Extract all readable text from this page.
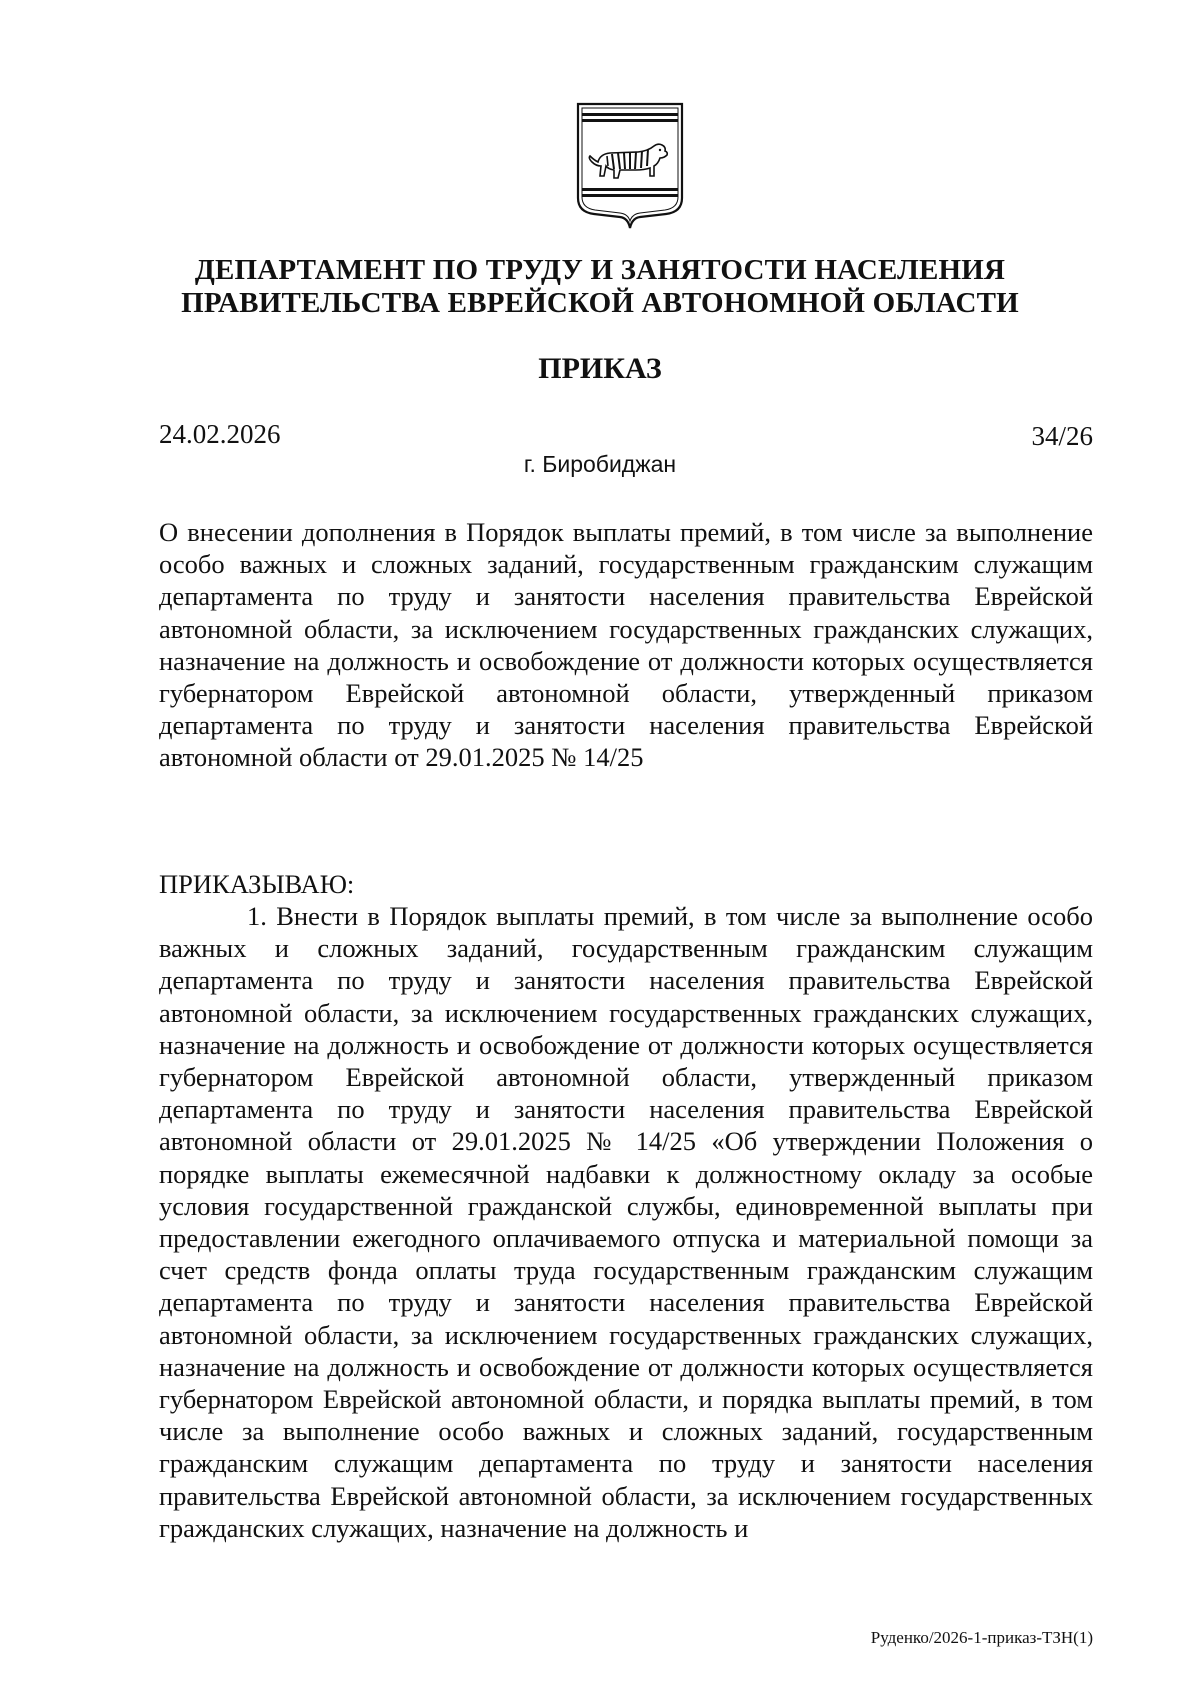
ДЕПАРТАМЕНТ ПО ТРУДУ И ЗАНЯТОСТИ НАСЕЛЕНИЯ
ПРАВИТЕЛЬСТВА ЕВРЕЙСКОЙ АВТОНОМНОЙ ОБЛАСТИ
ПРИКАЗ
24.02.2026	34/26
г. Биробиджан

О внесении дополнения в Порядок выплаты премий, в том числе за выполнение особо важных и сложных заданий, государственным гражданским служащим департамента по труду и занятости населения правительства Еврейской автономной области, за исключением государственных гражданских служащих, назначение на должность и освобождение от должности которых осуществляется губернатором Еврейской автономной области, утвержденный приказом департамента по труду и занятости населения правительства Еврейской автономной области от 29.01.2025 № 14/25

ПРИКАЗЫВАЮ:

1. Внести в Порядок выплаты премий, в том числе за выполнение особо важных и сложных заданий, государственным гражданским служащим департамента по труду и занятости населения правительства Еврейской автономной области, за исключением государственных гражданских служащих, назначение на должность и освобождение от должности которых осуществляется губернатором Еврейской автономной области, утвержденный приказом департамента по труду и занятости населения правительства Еврейской автономной области от 29.01.2025 № 14/25 «Об утверждении Положения о порядке выплаты ежемесячной надбавки к должностному окладу за особые условия государственной гражданской службы, единовременной выплаты при предоставлении ежегодного оплачиваемого отпуска и материальной помощи за счет средств фонда оплаты труда государственным гражданским служащим департамента по труду и занятости населения правительства Еврейской автономной области, за исключением государственных гражданских служащих, назначение на должность и освобождение от должности которых осуществляется губернатором Еврейской автономной области, и порядка выплаты премий, в том числе за выполнение особо важных и сложных заданий, государственным гражданским служащим департамента по труду и занятости населения правительства Еврейской автономной области, за исключением государственных гражданских служащих, назначение на должность и

Руденко/2026-1-приказ-ТЗН(1)
